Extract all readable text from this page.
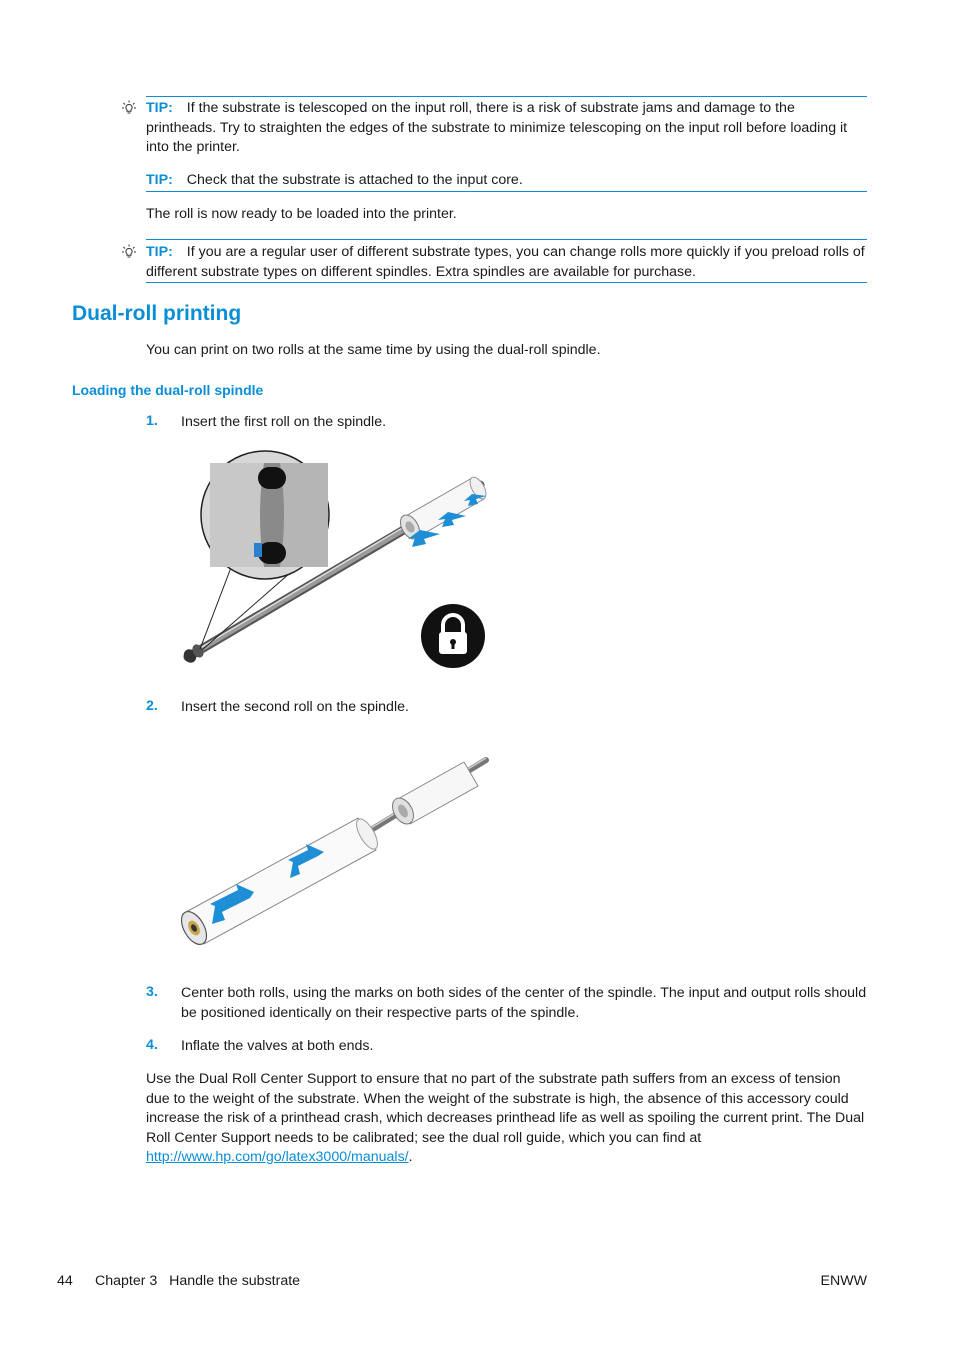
TIP: If the substrate is telescoped on the input roll, there is a risk of substrate jams and damage to the printheads. Try to straighten the edges of the substrate to minimize telescoping on the input roll before loading it into the printer.
TIP: Check that the substrate is attached to the input core.
The roll is now ready to be loaded into the printer.
TIP: If you are a regular user of different substrate types, you can change rolls more quickly if you preload rolls of different substrate types on different spindles. Extra spindles are available for purchase.
Dual-roll printing
You can print on two rolls at the same time by using the dual-roll spindle.
Loading the dual-roll spindle
1. Insert the first roll on the spindle.
2. Insert the second roll on the spindle.
3. Center both rolls, using the marks on both sides of the center of the spindle. The input and output rolls should be positioned identically on their respective parts of the spindle.
4. Inflate the valves at both ends.
Use the Dual Roll Center Support to ensure that no part of the substrate path suffers from an excess of tension due to the weight of the substrate. When the weight of the substrate is high, the absence of this accessory could increase the risk of a printhead crash, which decreases printhead life as well as spoiling the current print. The Dual Roll Center Support needs to be calibrated; see the dual roll guide, which you can find at http://www.hp.com/go/latex3000/manuals/.
44 Chapter 3   Handle the substrate	ENWW
